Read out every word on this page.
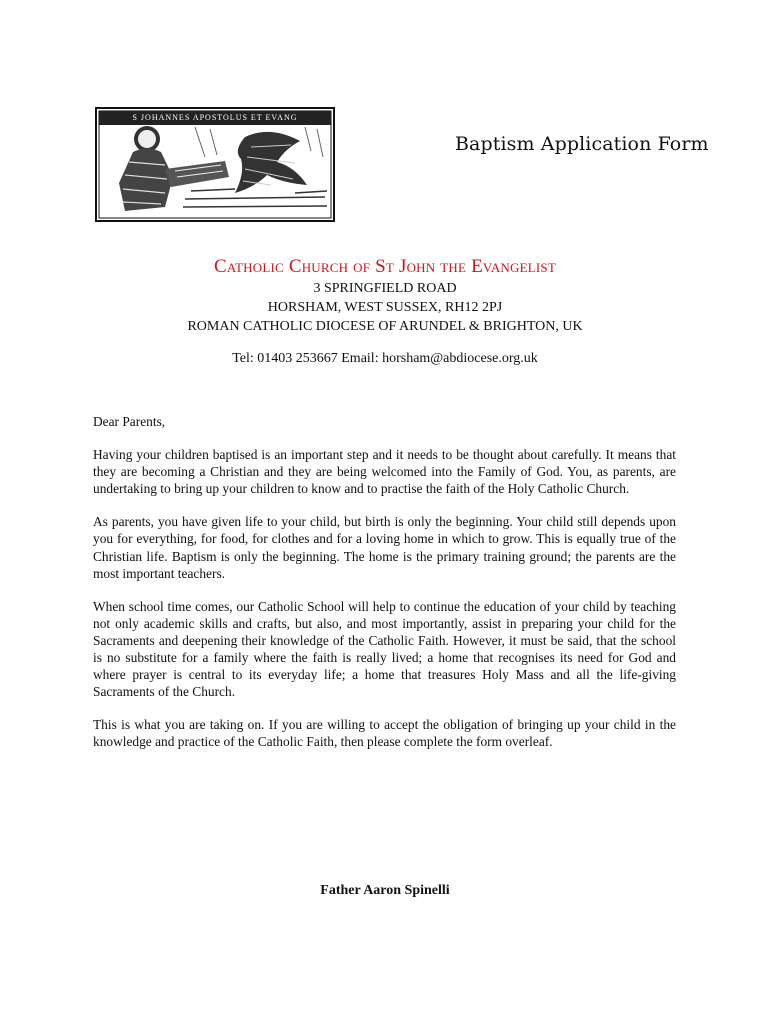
S JOHANNES APOSTOLUS ET EVANG
Baptism Application Form
Catholic Church of St John the Evangelist
3 SPRINGFIELD ROAD
HORSHAM, WEST SUSSEX, RH12 2PJ
ROMAN CATHOLIC DIOCESE OF ARUNDEL & BRIGHTON, UK
Tel: 01403 253667 Email: horsham@abdiocese.org.uk

Dear Parents,

Having your children baptised is an important step and it needs to be thought about carefully. It means that they are becoming a Christian and they are being welcomed into the Family of God. You, as parents, are undertaking to bring up your children to know and to practise the faith of the Holy Catholic Church.

As parents, you have given life to your child, but birth is only the beginning. Your child still depends upon you for everything, for food, for clothes and for a loving home in which to grow. This is equally true of the Christian life. Baptism is only the beginning. The home is the primary training ground; the parents are the most important teachers.

When school time comes, our Catholic School will help to continue the education of your child by teaching not only academic skills and crafts, but also, and most importantly, assist in preparing your child for the Sacraments and deepening their knowledge of the Catholic Faith. However, it must be said, that the school is no substitute for a family where the faith is really lived; a home that recognises its need for God and where prayer is central to its everyday life; a home that treasures Holy Mass and all the life-giving Sacraments of the Church.

This is what you are taking on. If you are willing to accept the obligation of bringing up your child in the knowledge and practice of the Catholic Faith, then please complete the form overleaf.

Father Aaron Spinelli
